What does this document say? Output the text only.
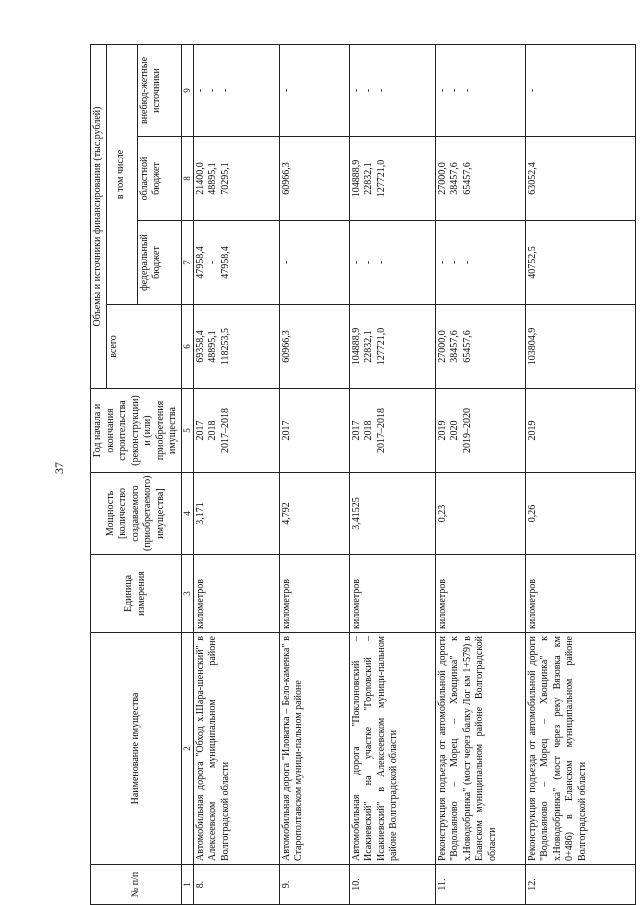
37
№ п/п	Наименование имущества	Единица измерения	Мощность [количество создаваемого (приобретаемого) имущества]	Год начала и окончания строительства (реконструкции) и (или) приобретения имущества	Объемы и источники финансирования (тыс.рублей)			
					всего	в том числе		
						федеральный бюджет	областной бюджет	внебюд-жетные источники
1	2	3	4	5	6	7	8	9
8.	Автомобильная дорога "Обход х.Шара-шенский" в Алексеевском муниципальном районе Волгоградской области	километров	3,171	2017 2018 2017–2018	69358,4 48895,1 118253,5	47958,4 - 47958,4	21400,0 48895,1 70295,1	- - -

9.	Автомобильная дорога "Иловатка – Бело-каменка" в Старополтавском муници-пальном районе	километров	4,792	2017	60966,3	-	60966,3	-

10.	Автомобильная дорога "Поклоновский – Исакиевский" на участке "Горловский – Исакиевский" в Алексеевском муници-пальном районе Волгоградской области	километров	3,41525	2017 2018 2017–2018	104888,9 22832,1 127721,0	- - -	104888,9 22832,1 127721,0	- - -

11.	Реконструкция подъезда от автомобильной дороги "Водольяново – Морец – Хвощинка" к х.Новодобринка" (мост через балку Лог км 1+579) в Еланском муниципальном районе Волгоградской области	километров	0,23	2019 2020 2019–2020	27000,0 38457,6 65457,6	- - -	27000,0 38457,6 65457,6	- - -

12.	Реконструкция подъезда от автомобильной дороги "Водольяново – Морец – Хвощинка" к х.Новодобринка" (мост через реку Вязовка км 0+486) в Еланском муниципальном районе Волгоградской области	километров	0,26	2019	103804,9	40752,5	63052,4	-
